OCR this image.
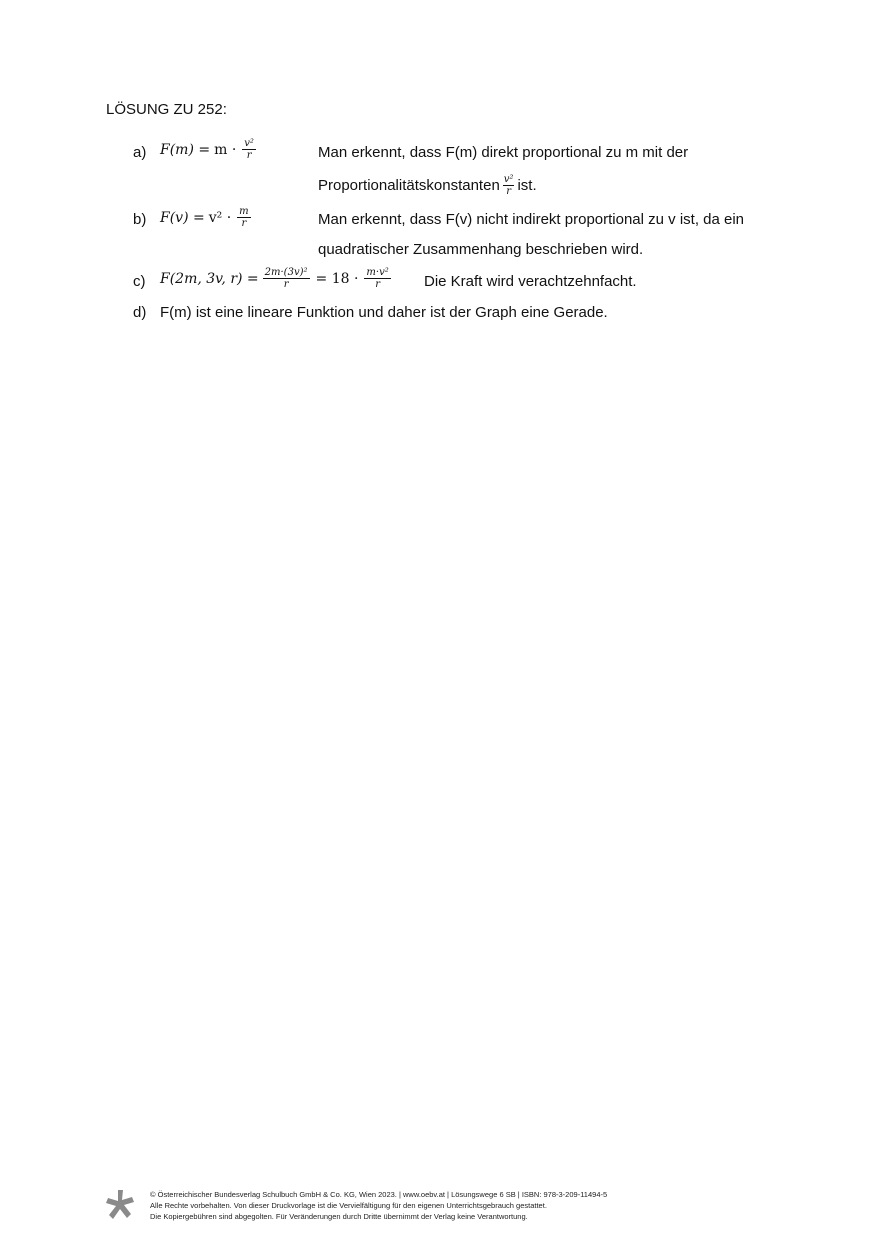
LÖSUNG ZU 252:
a) $F(m) = m \cdot \frac{\text{v²}}{r}$	Man erkennt, dass F(m) direkt proportional zu m mit der
Proportionalitätskonstanten $\frac{\text{v²}}{r}$ ist.
b) $F(v) = v^2 \cdot \frac{m}{r}$	Man erkennt, dass F(v) nicht indirekt proportional zu v ist, da ein
quadratischer Zusammenhang beschrieben wird.
c) F(2m, 3v, $r) = \frac{\text{2m·(3v)²}}{r} = 18 \cdot \frac{\text{m·v²}}{r}$ Die Kraft wird verachtzehnfacht.
d) F(m) ist eine lineare Funktion und daher ist der Graph eine Gerade.
© Österreichischer Bundesverlag Schulbuch GmbH & Co. KG, Wien 2023. | www.oebv.at | Lösungswege 6 SB | ISBN: 978-3-209-11494-5
Alle Rechte vorbehalten. Von dieser Druckvorlage ist die Vervielfältigung für den eigenen Unterrichtsgebrauch gestattet.
Die Kopiergebühren sind abgegolten. Für Veränderungen durch Dritte übernimmt der Verlag keine Verantwortung.
